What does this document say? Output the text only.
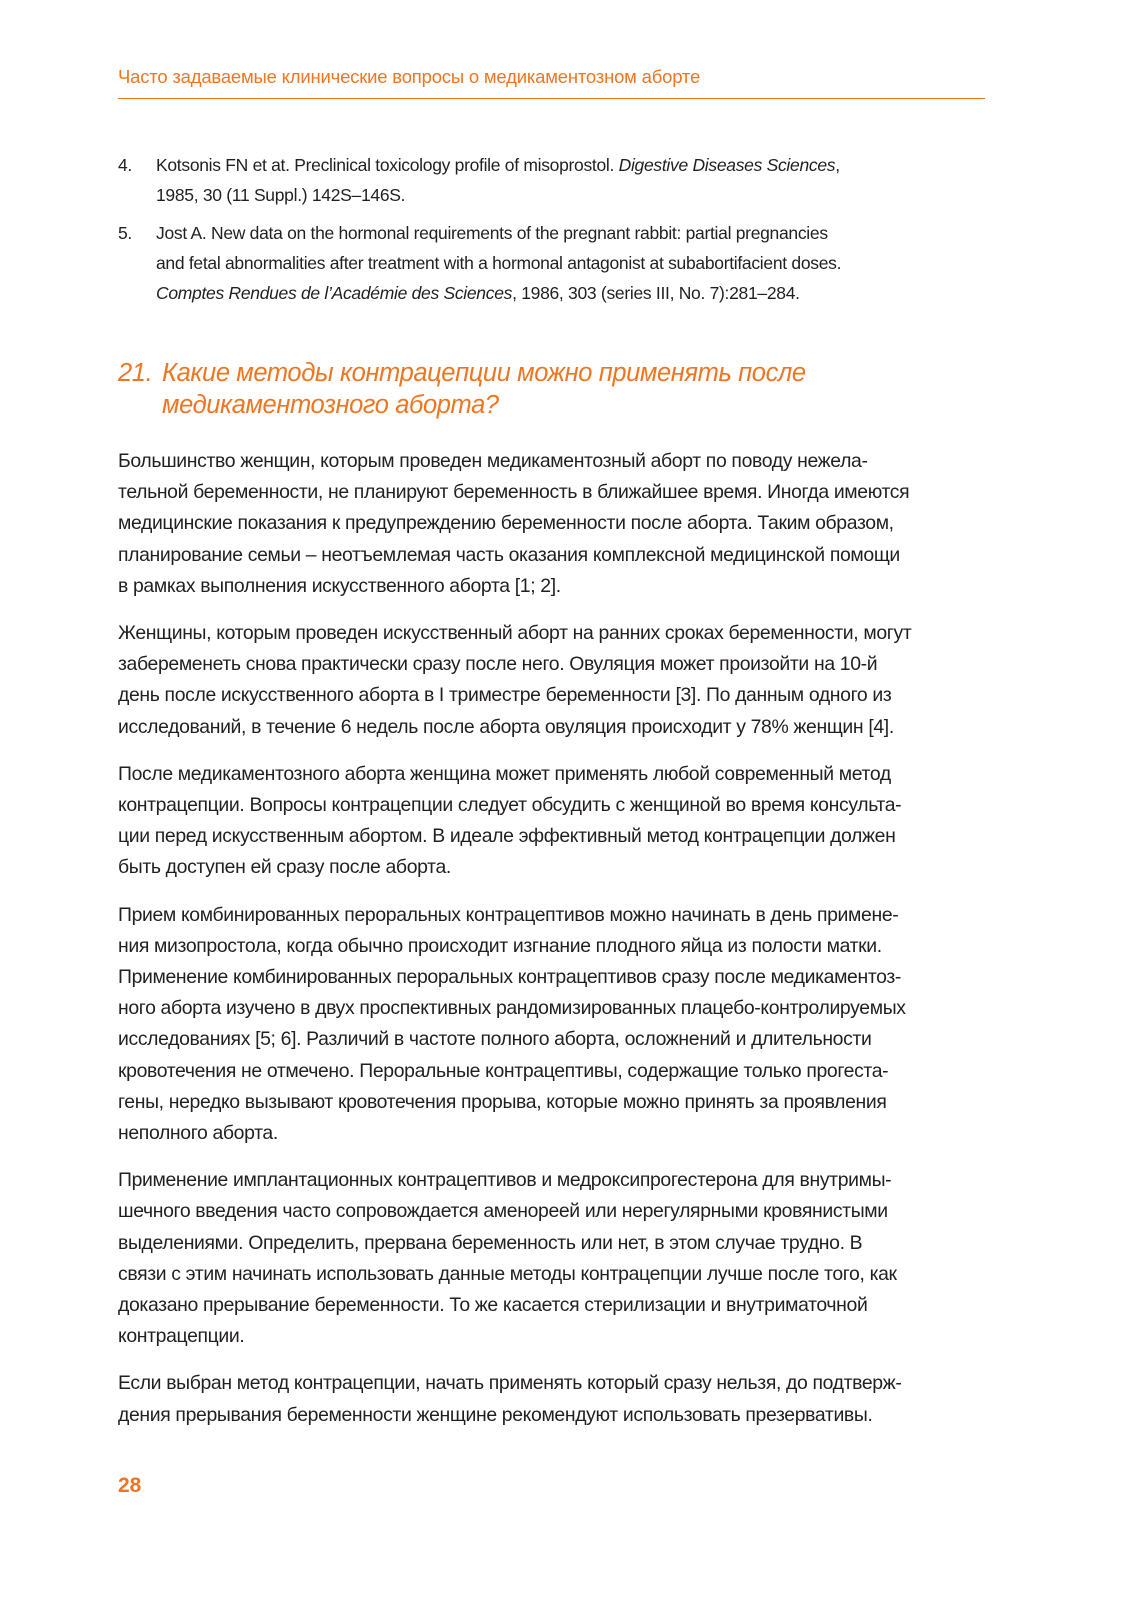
Часто задаваемые клинические вопросы о медикаментозном аборте
4. Kotsonis FN et at. Preclinical toxicology profile of misoprostol. Digestive Diseases Sciences,
1985, 30 (11 Suppl.) 142S–146S.
5. Jost A. New data on the hormonal requirements of the pregnant rabbit: partial pregnancies
and fetal abnormalities after treatment with a hormonal antagonist at subabortifacient doses.
Comptes Rendues de l’Académie des Sciences, 1986, 303 (series III, No. 7):281–284.
21. Какие методы контрацепции можно применять после
медикаментозного аборта?

Большинство женщин, которым проведен медикаментозный аборт по поводу нежела-
тельной беременности, не планируют беременность в ближайшее время. Иногда имеются
медицинские показания к предупреждению беременности после аборта. Таким образом,
планирование семьи – неотъемлемая часть оказания комплексной медицинской помощи
в рамках выполнения искусственного аборта [1; 2].

Женщины, которым проведен искусственный аборт на ранних сроках беременности, могут
забеременеть снова практически сразу после него. Овуляция может произойти на 10-й
день после искусственного аборта в I триместре беременности [3]. По данным одного из
исследований, в течение 6 недель после аборта овуляция происходит у 78% женщин [4].

После медикаментозного аборта женщина может применять любой современный метод
контрацепции. Вопросы контрацепции следует обсудить с женщиной во время консульта-
ции перед искусственным абортом. В идеале эффективный метод контрацепции должен
быть доступен ей сразу после аборта.

Прием комбинированных пероральных контрацептивов можно начинать в день примене-
ния мизопростола, когда обычно происходит изгнание плодного яйца из полости матки.
Применение комбинированных пероральных контрацептивов сразу после медикаментоз-
ного аборта изучено в двух проспективных рандомизированных плацебо-контролируемых
исследованиях [5; 6]. Различий в частоте полного аборта, осложнений и длительности
кровотечения не отмечено. Пероральные контрацептивы, содержащие только прогеста-
гены, нередко вызывают кровотечения прорыва, которые можно принять за проявления
неполного аборта.

Применение имплантационных контрацептивов и медроксипрогестерона для внутримы-
шечного введения часто сопровождается аменореей или нерегулярными кровянистыми
выделениями. Определить, прервана беременность или нет, в этом случае трудно. В
связи с этим начинать использовать данные методы контрацепции лучше после того, как
доказано прерывание беременности. То же касается стерилизации и внутриматочной
контрацепции.

Если выбран метод контрацепции, начать применять который сразу нельзя, до подтверж-
дения прерывания беременности женщине рекомендуют использовать презервативы.

28
